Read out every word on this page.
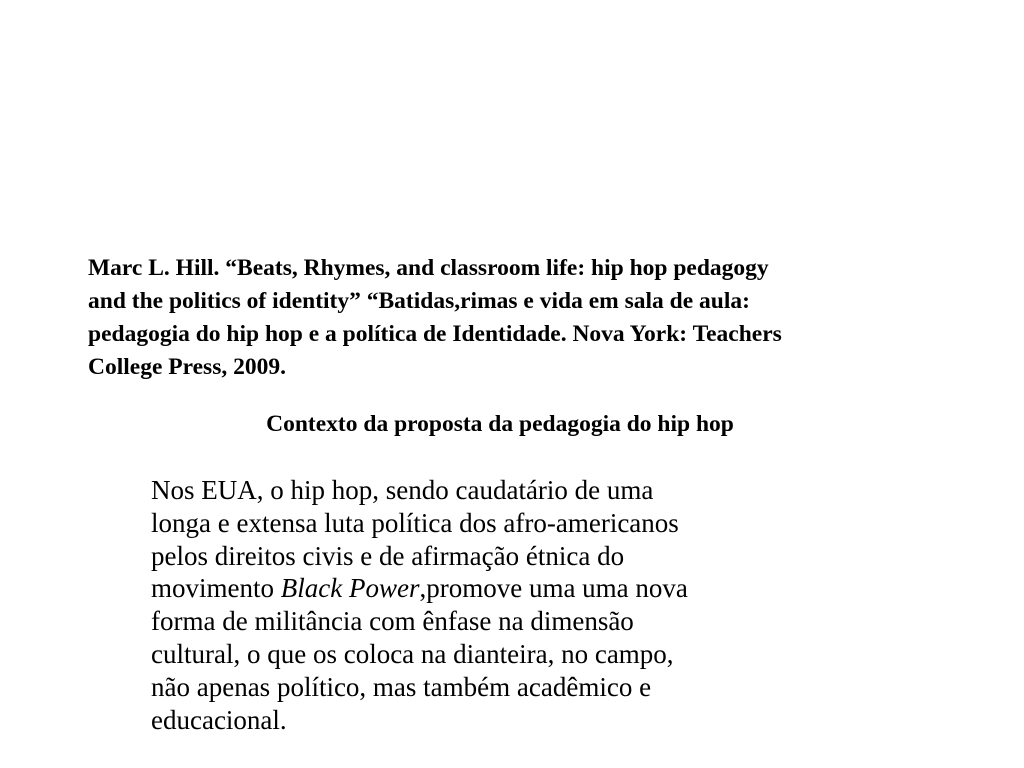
Marc L. Hill. “Beats, Rhymes, and classroom life: hip hop pedagogy
and the politics of identity” “Batidas,rimas e vida em sala de aula:
pedagogia do hip hop e a política de Identidade. Nova York: Teachers
College Press, 2009.

Contexto da proposta da pedagogia do hip hop

Nos EUA, o hip hop, sendo caudatário de uma
longa e extensa luta política dos afro-americanos
pelos direitos civis e de afirmação étnica do
movimento Black Power,promove uma uma nova
forma de militância com ênfase na dimensão
cultural, o que os coloca na dianteira, no campo,
não apenas político, mas também acadêmico e
educacional.
